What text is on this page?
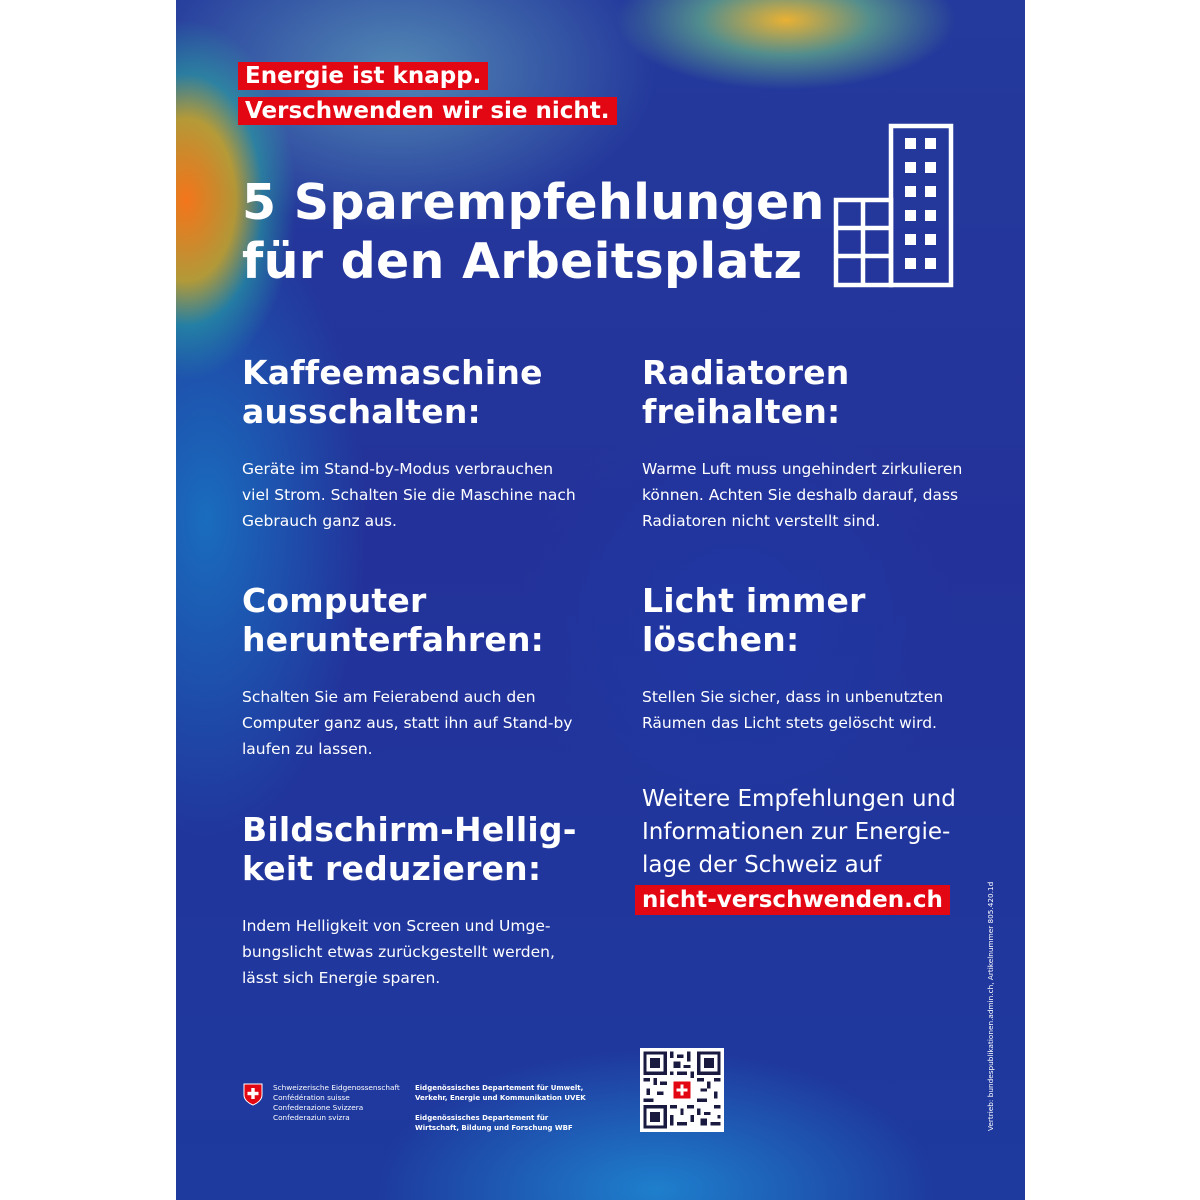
Energie ist knapp.
Verschwenden wir sie nicht.
5 Sparempfehlungen
für den Arbeitsplatz
Kaffeemaschine
ausschalten:

Geräte im Stand-by-Modus verbrauchen viel Strom. Schalten Sie die Maschine nach Gebrauch ganz aus.

Radiatoren
freihalten:

Warme Luft muss ungehindert zirkulieren können. Achten Sie deshalb darauf, dass Radiatoren nicht verstellt sind.

Computer
herunterfahren:

Schalten Sie am Feierabend auch den Computer ganz aus, statt ihn auf Stand-by laufen zu lassen.

Licht immer
löschen:

Stellen Sie sicher, dass in unbenutzten Räumen das Licht stets gelöscht wird.

Bildschirm-Hellig-
keit reduzieren:

Indem Helligkeit von Screen und Umgebungslicht etwas zurückgestellt werden, lässt sich Energie sparen.

Weitere Empfehlungen und
Informationen zur Energie-
lage der Schweiz auf

nicht-verschwenden.ch
Schweizerische Eidgenossenschaft
Confédération suisse
Confederazione Svizzera
Confederaziun svizra
Eidgenössisches Departement für Umwelt,
Verkehr, Energie und Kommunikation UVEK
Eidgenössisches Departement für
Wirtschaft, Bildung und Forschung WBF	Vertrieb: bundespublikationen.admin.ch, Artikelnummer 805.420.1d
